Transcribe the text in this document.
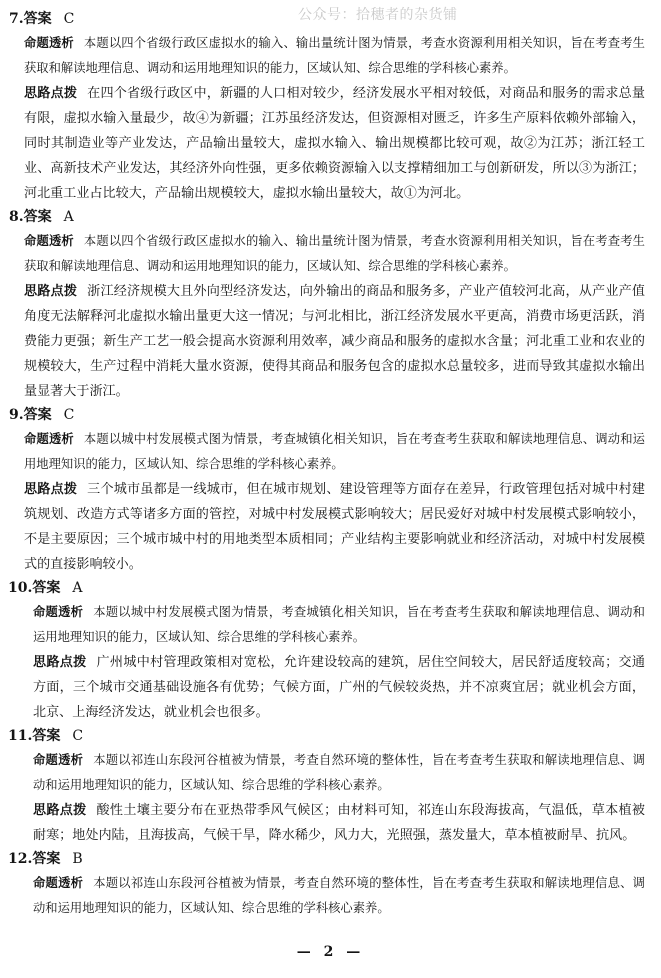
公众号：拾穗者的杂货铺
7.答案 C

命题透析 本题以四个省级行政区虚拟水的输入、输出量统计图为情景，考查水资源利用相关知识，旨在考查考生获取和解读地理信息、调动和运用地理知识的能力，区域认知、综合思维的学科核心素养。

思路点拨 在四个省级行政区中，新疆的人口相对较少，经济发展水平相对较低，对商品和服务的需求总量有限，虚拟水输入量最少，故④为新疆；江苏虽经济发达，但资源相对匮乏，许多生产原料依赖外部输入，同时其制造业等产业发达，产品输出量较大，虚拟水输入、输出规模都比较可观，故②为江苏；浙江轻工业、高新技术产业发达，其经济外向性强，更多依赖资源输入以支撑精细加工与创新研发，所以③为浙江；河北重工业占比较大，产品输出规模较大，虚拟水输出量较大，故①为河北。

8.答案 A

命题透析 本题以四个省级行政区虚拟水的输入、输出量统计图为情景，考查水资源利用相关知识，旨在考查考生获取和解读地理信息、调动和运用地理知识的能力，区域认知、综合思维的学科核心素养。

思路点拨 浙江经济规模大且外向型经济发达，向外输出的商品和服务多，产业产值较河北高，从产业产值角度无法解释河北虚拟水输出量更大这一情况；与河北相比，浙江经济发展水平更高，消费市场更活跃，消费能力更强；新生产工艺一般会提高水资源利用效率，减少商品和服务的虚拟水含量；河北重工业和农业的规模较大，生产过程中消耗大量水资源，使得其商品和服务包含的虚拟水总量较多，进而导致其虚拟水输出量显著大于浙江。

9.答案 C

命题透析 本题以城中村发展模式图为情景，考查城镇化相关知识，旨在考查考生获取和解读地理信息、调动和运用地理知识的能力，区域认知、综合思维的学科核心素养。

思路点拨 三个城市虽都是一线城市，但在城市规划、建设管理等方面存在差异，行政管理包括对城中村建筑规划、改造方式等诸多方面的管控，对城中村发展模式影响较大；居民爱好对城中村发展模式影响较小，不是主要原因；三个城市城中村的用地类型本质相同；产业结构主要影响就业和经济活动，对城中村发展模式的直接影响较小。

10.答案 A

命题透析 本题以城中村发展模式图为情景，考查城镇化相关知识，旨在考查考生获取和解读地理信息、调动和运用地理知识的能力，区域认知、综合思维的学科核心素养。

思路点拨 广州城中村管理政策相对宽松，允许建设较高的建筑，居住空间较大，居民舒适度较高；交通方面，三个城市交通基础设施各有优势；气候方面，广州的气候较炎热，并不凉爽宜居；就业机会方面，北京、上海经济发达，就业机会也很多。

11.答案 C

命题透析 本题以祁连山东段河谷植被为情景，考查自然环境的整体性，旨在考查考生获取和解读地理信息、调动和运用地理知识的能力，区域认知、综合思维的学科核心素养。

思路点拨 酸性土壤主要分布在亚热带季风气候区；由材料可知，祁连山东段海拔高，气温低，草本植被耐寒；地处内陆，且海拔高，气候干旱，降水稀少，风力大，光照强，蒸发量大，草本植被耐旱、抗风。

12.答案 B

命题透析 本题以祁连山东段河谷植被为情景，考查自然环境的整体性，旨在考查考生获取和解读地理信息、调动和运用地理知识的能力，区域认知、综合思维的学科核心素养。

— 2 —
